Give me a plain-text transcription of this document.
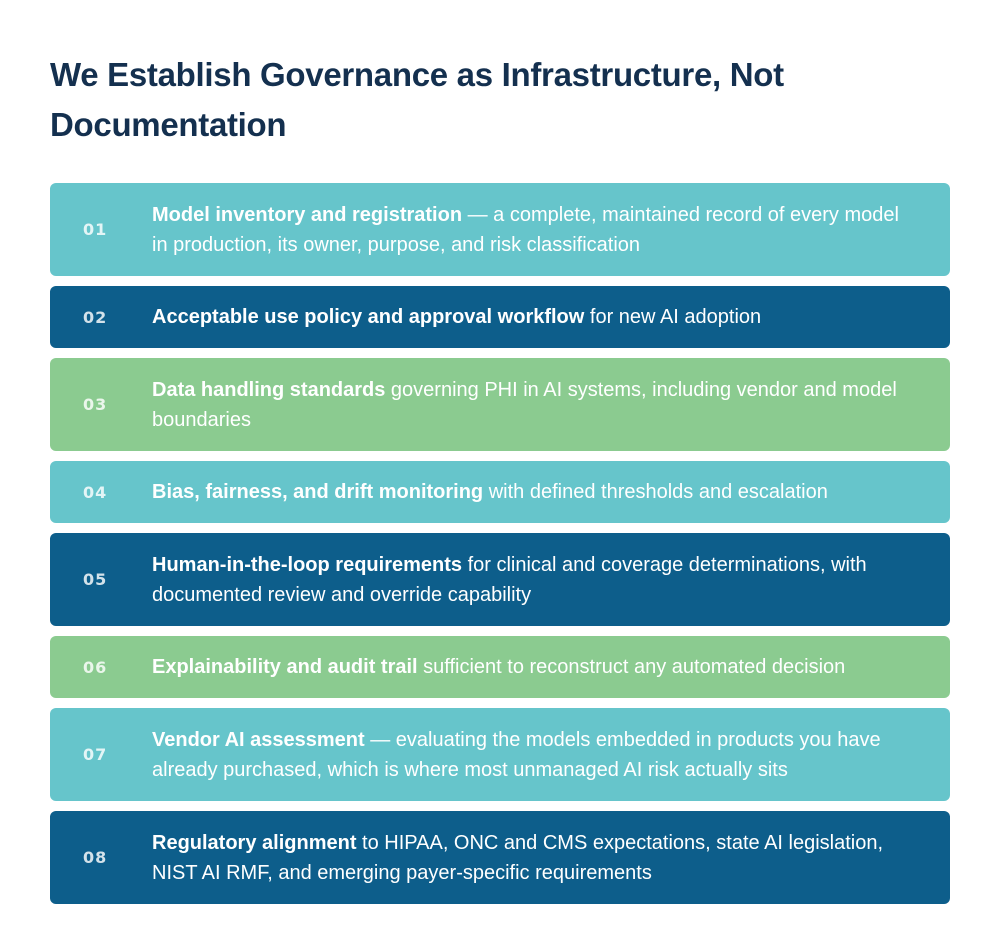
We Establish Governance as Infrastructure, Not Documentation
01
Model inventory and registration — a complete, maintained record of every model in production, its owner, purpose, and risk classification
02	Acceptable use policy and approval workflow for new AI adoption
03
Data handling standards governing PHI in AI systems, including vendor and model boundaries
04	Bias, fairness, and drift monitoring with defined thresholds and escalation
05
Human-in-the-loop requirements for clinical and coverage determinations, with documented review and override capability
06	Explainability and audit trail sufficient to reconstruct any automated decision
07
Vendor AI assessment — evaluating the models embedded in products you have already purchased, which is where most unmanaged AI risk actually sits
08
Regulatory alignment to HIPAA, ONC and CMS expectations, state AI legislation, NIST AI RMF, and emerging payer-specific requirements
